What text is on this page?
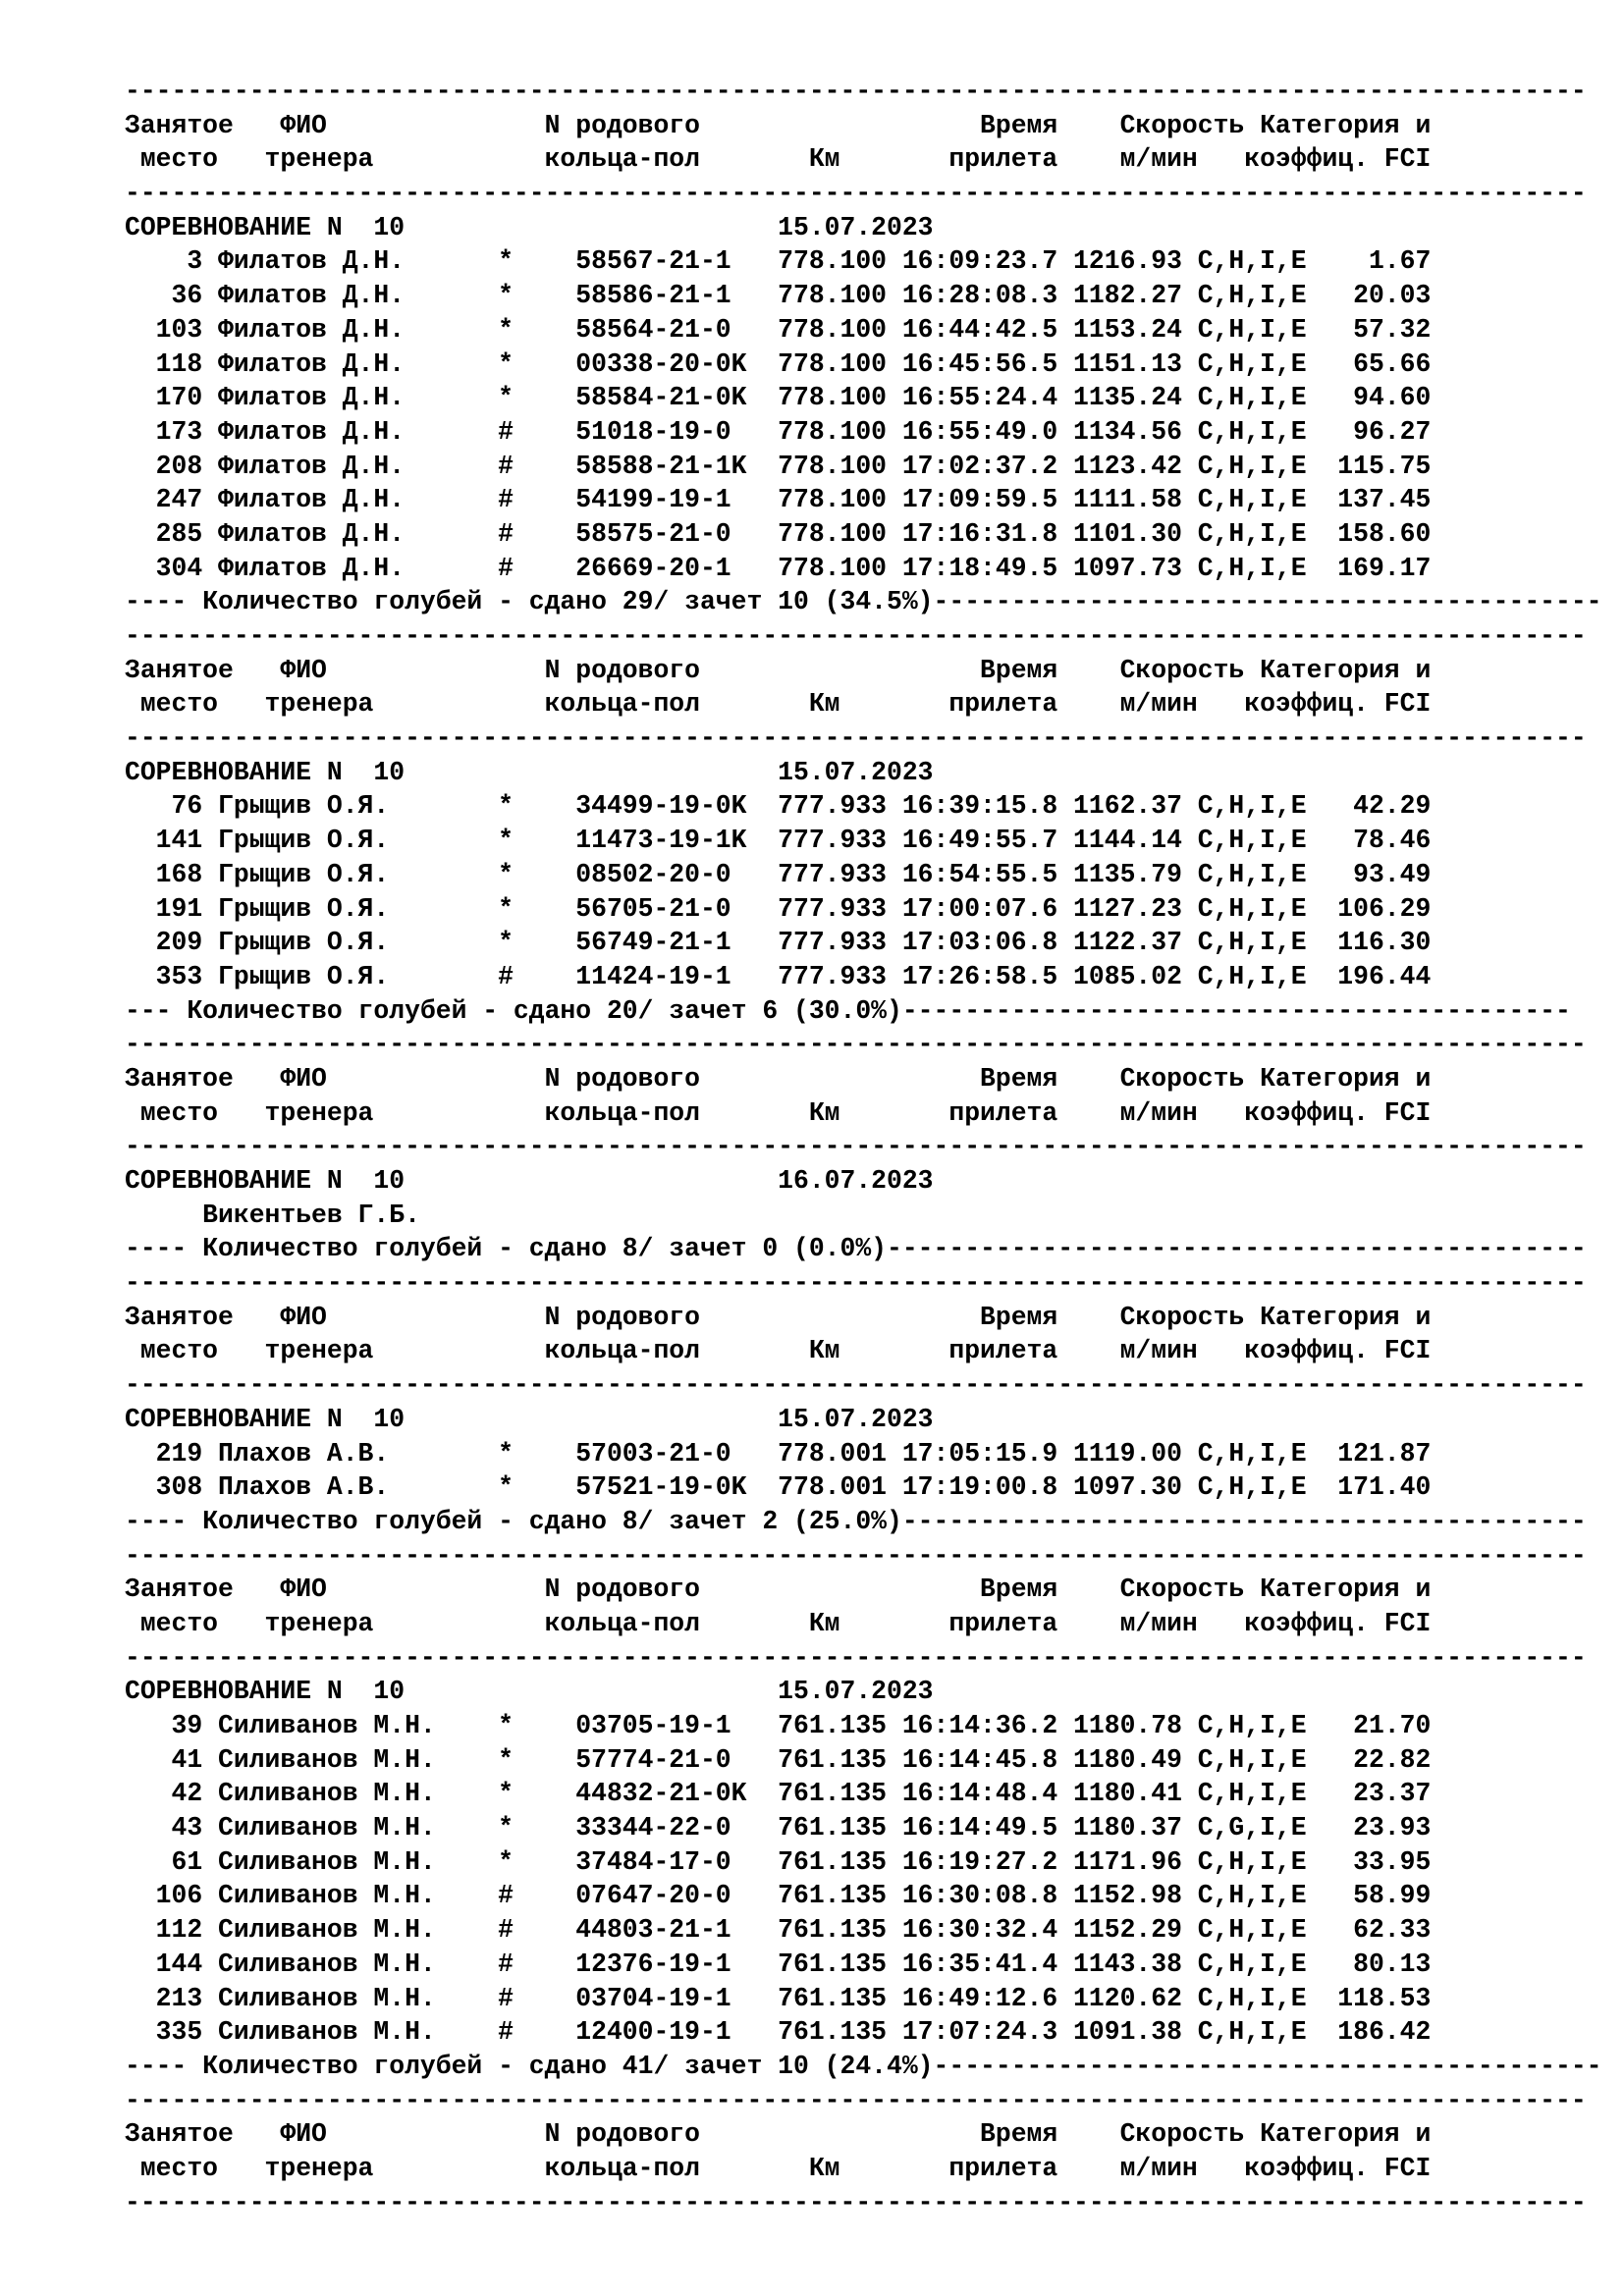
----------------------------------------------------------------------------------------------
Занятое   ФИО              N родового                  Время    Скорость Категория и
место   тренера           кольца-пол       Км       прилета    м/мин   коэффиц. FCI
----------------------------------------------------------------------------------------------
СОРЕВНОВАНИЕ N  10                        15.07.2023
3 Филатов Д.Н.      *    58567-21-1   778.100 16:09:23.7 1216.93 C,H,I,E    1.67
36 Филатов Д.Н.      *    58586-21-1   778.100 16:28:08.3 1182.27 C,H,I,E   20.03
103 Филатов Д.Н.      *    58564-21-0   778.100 16:44:42.5 1153.24 C,H,I,E   57.32
118 Филатов Д.Н.      *    00338-20-0K  778.100 16:45:56.5 1151.13 C,H,I,E   65.66
170 Филатов Д.Н.      *    58584-21-0K  778.100 16:55:24.4 1135.24 C,H,I,E   94.60
173 Филатов Д.Н.      #    51018-19-0   778.100 16:55:49.0 1134.56 C,H,I,E   96.27
208 Филатов Д.Н.      #    58588-21-1K  778.100 17:02:37.2 1123.42 C,H,I,E  115.75
247 Филатов Д.Н.      #    54199-19-1   778.100 17:09:59.5 1111.58 C,H,I,E  137.45
285 Филатов Д.Н.      #    58575-21-0   778.100 17:16:31.8 1101.30 C,H,I,E  158.60
304 Филатов Д.Н.      #    26669-20-1   778.100 17:18:49.5 1097.73 C,H,I,E  169.17
---- Количество голубей - сдано 29/ зачет 10 (34.5%)-------------------------------------------
----------------------------------------------------------------------------------------------
Занятое   ФИО              N родового                  Время    Скорость Категория и
место   тренера           кольца-пол       Км       прилета    м/мин   коэффиц. FCI
----------------------------------------------------------------------------------------------
СОРЕВНОВАНИЕ N  10                        15.07.2023
76 Грыщив О.Я.       *    34499-19-0K  777.933 16:39:15.8 1162.37 C,H,I,E   42.29
141 Грыщив О.Я.       *    11473-19-1K  777.933 16:49:55.7 1144.14 C,H,I,E   78.46
168 Грыщив О.Я.       *    08502-20-0   777.933 16:54:55.5 1135.79 C,H,I,E   93.49
191 Грыщив О.Я.       *    56705-21-0   777.933 17:00:07.6 1127.23 C,H,I,E  106.29
209 Грыщив О.Я.       *    56749-21-1   777.933 17:03:06.8 1122.37 C,H,I,E  116.30
353 Грыщив О.Я.       #    11424-19-1   777.933 17:26:58.5 1085.02 C,H,I,E  196.44
--- Количество голубей - сдано 20/ зачет 6 (30.0%)-------------------------------------------
----------------------------------------------------------------------------------------------
Занятое   ФИО              N родового                  Время    Скорость Категория и
место   тренера           кольца-пол       Км       прилета    м/мин   коэффиц. FCI
----------------------------------------------------------------------------------------------
СОРЕВНОВАНИЕ N  10                        16.07.2023
Викентьев Г.Б.
---- Количество голубей - сдано 8/ зачет 0 (0.0%)---------------------------------------------
----------------------------------------------------------------------------------------------
Занятое   ФИО              N родового                  Время    Скорость Категория и
место   тренера           кольца-пол       Км       прилета    м/мин   коэффиц. FCI
----------------------------------------------------------------------------------------------
СОРЕВНОВАНИЕ N  10                        15.07.2023
219 Плахов А.В.       *    57003-21-0   778.001 17:05:15.9 1119.00 C,H,I,E  121.87
308 Плахов А.В.       *    57521-19-0K  778.001 17:19:00.8 1097.30 C,H,I,E  171.40
---- Количество голубей - сдано 8/ зачет 2 (25.0%)--------------------------------------------
----------------------------------------------------------------------------------------------
Занятое   ФИО              N родового                  Время    Скорость Категория и
место   тренера           кольца-пол       Км       прилета    м/мин   коэффиц. FCI
----------------------------------------------------------------------------------------------
СОРЕВНОВАНИЕ N  10                        15.07.2023
39 Силиванов М.Н.    *    03705-19-1   761.135 16:14:36.2 1180.78 C,H,I,E   21.70
41 Силиванов М.Н.    *    57774-21-0   761.135 16:14:45.8 1180.49 C,H,I,E   22.82
42 Силиванов М.Н.    *    44832-21-0K  761.135 16:14:48.4 1180.41 C,H,I,E   23.37
43 Силиванов М.Н.    *    33344-22-0   761.135 16:14:49.5 1180.37 C,G,I,E   23.93
61 Силиванов М.Н.    *    37484-17-0   761.135 16:19:27.2 1171.96 C,H,I,E   33.95
106 Силиванов М.Н.    #    07647-20-0   761.135 16:30:08.8 1152.98 C,H,I,E   58.99
112 Силиванов М.Н.    #    44803-21-1   761.135 16:30:32.4 1152.29 C,H,I,E   62.33
144 Силиванов М.Н.    #    12376-19-1   761.135 16:35:41.4 1143.38 C,H,I,E   80.13
213 Силиванов М.Н.    #    03704-19-1   761.135 16:49:12.6 1120.62 C,H,I,E  118.53
335 Силиванов М.Н.    #    12400-19-1   761.135 17:07:24.3 1091.38 C,H,I,E  186.42
---- Количество голубей - сдано 41/ зачет 10 (24.4%)-------------------------------------------
----------------------------------------------------------------------------------------------
Занятое   ФИО              N родового                  Время    Скорость Категория и
место   тренера           кольца-пол       Км       прилета    м/мин   коэффиц. FCI
----------------------------------------------------------------------------------------------
